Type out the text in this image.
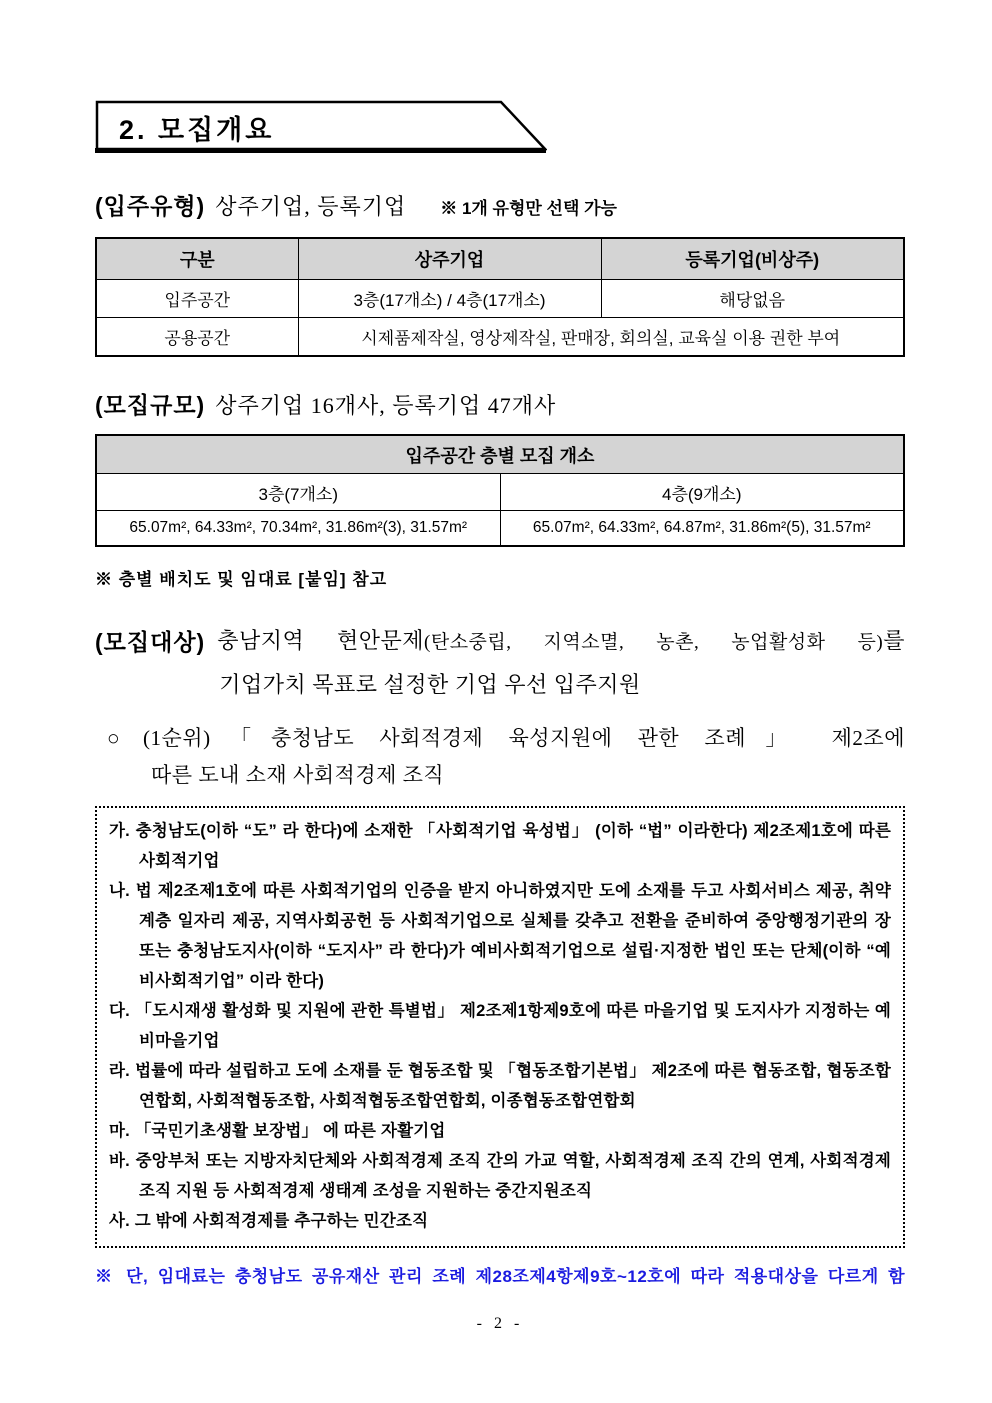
2. 모집개요
(입주유형) 상주기업, 등록기업 ※ 1개 유형만 선택 가능
구분	상주기업	등록기업(비상주)
입주공간	3층(17개소) / 4층(17개소)	해당없음
공용공간	시제품제작실, 영상제작실, 판매장, 회의실, 교육실 이용 권한 부여	
(모집규모) 상주기업 16개사, 등록기업 47개사
입주공간 층별 모집 개소	
3층(7개소)	4층(9개소)
65.07m², 64.33m², 70.34m², 31.86m²(3), 31.57m²	65.07m², 64.33m², 64.87m², 31.86m²(5), 31.57m²
※ 층별 배치도 및 임대료 [붙임] 참고
(모집대상) 충남지역 현안문제(탄소중립, 지역소멸, 농촌, 농업활성화 등)를
기업가치 목표로 설정한 기업 우선 입주지원
○	(1순위)「충청남도 사회적경제 육성지원에 관한 조례」 제2조에
따른 도내 소재 사회적경제 조직
가. 충청남도(이하 “도” 라 한다)에 소재한 「사회적기업 육성법」 (이하 “법” 이라한다) 제2조제1호에 따른 사회적기업
나. 법 제2조제1호에 따른 사회적기업의 인증을 받지 아니하였지만 도에 소재를 두고 사회서비스 제공, 취약계층 일자리 제공, 지역사회공헌 등 사회적기업으로 실체를 갖추고 전환을 준비하여 중앙행정기관의 장 또는 충청남도지사(이하 “도지사” 라 한다)가 예비사회적기업으로 설립·지정한 법인 또는 단체(이하 “예비사회적기업” 이라 한다)
다. 「도시재생 활성화 및 지원에 관한 특별법」 제2조제1항제9호에 따른 마을기업 및 도지사가 지정하는 예비마을기업
라. 법률에 따라 설립하고 도에 소재를 둔 협동조합 및 「협동조합기본법」 제2조에 따른 협동조합, 협동조합연합회, 사회적협동조합, 사회적협동조합연합회, 이종협동조합연합회
마. 「국민기초생활 보장법」 에 따른 자활기업
바. 중앙부처 또는 지방자치단체와 사회적경제 조직 간의 가교 역할, 사회적경제 조직 간의 연계, 사회적경제 조직 지원 등 사회적경제 생태계 조성을 지원하는 중간지원조직
사. 그 밖에 사회적경제를 추구하는 민간조직
※ 단, 임대료는 충청남도 공유재산 관리 조례 제28조제4항제9호~12호에 따라 적용대상을 다르게 함
- 2 -
